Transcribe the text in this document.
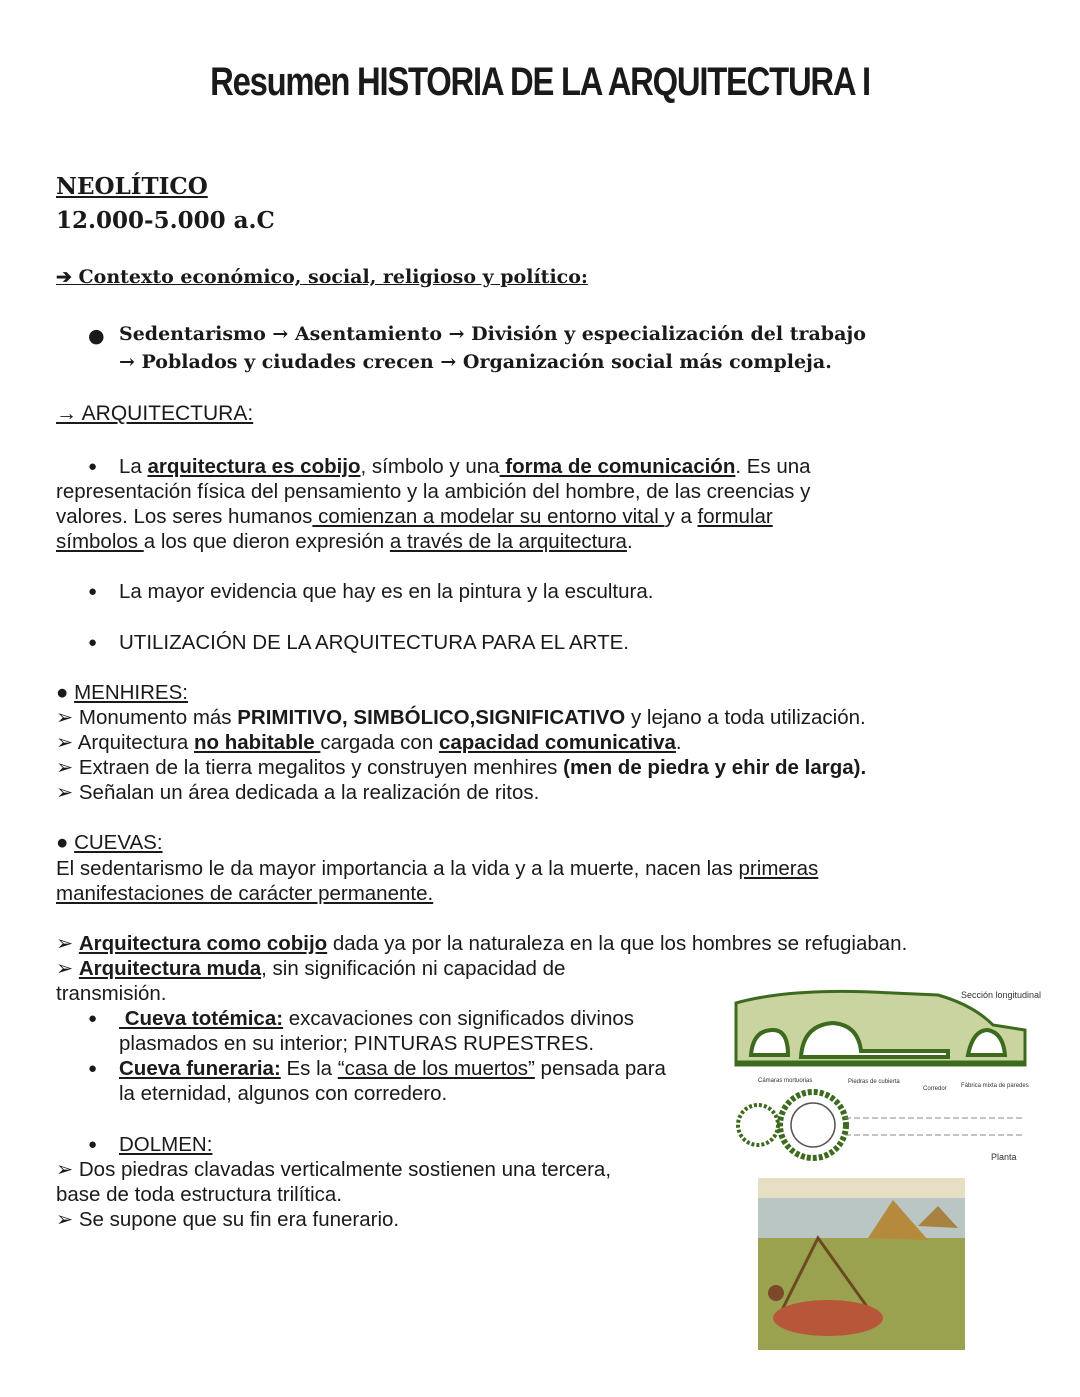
Resumen HISTORIA DE LA ARQUITECTURA I
NEOLÍTICO
12.000-5.000 a.C
➔ Contexto económico, social, religioso y político:
● Sedentarismo → Asentamiento → División y especialización del trabajo
→ Poblados y ciudades crecen → Organización social más compleja.
→ ARQUITECTURA:
● La arquitectura es cobijo, símbolo y una forma de comunicación. Es una
representación física del pensamiento y la ambición del hombre, de las creencias y
valores. Los seres humanos comienzan a modelar su entorno vital y a formular
símbolos a los que dieron expresión a través de la arquitectura.
● La mayor evidencia que hay es en la pintura y la escultura.
● UTILIZACIÓN DE LA ARQUITECTURA PARA EL ARTE.
● MENHIRES:
➢ Monumento más PRIMITIVO, SIMBÓLICO,SIGNIFICATIVO y lejano a toda utilización.
➢ Arquitectura no habitable cargada con capacidad comunicativa.
➢ Extraen de la tierra megalitos y construyen menhires (men de piedra y ehir de larga).
➢ Señalan un área dedicada a la realización de ritos.
● CUEVAS:
El sedentarismo le da mayor importancia a la vida y a la muerte, nacen las primeras
manifestaciones de carácter permanente.
➢ Arquitectura como cobijo dada ya por la naturaleza en la que los hombres se refugiaban.
➢ Arquitectura muda, sin significación ni capacidad de
transmisión.
● Cueva totémica: excavaciones con significados divinos
plasmados en su interior; PINTURAS RUPESTRES.
● Cueva funeraria: Es la “casa de los muertos” pensada para
la eternidad, algunos con corredero.
● DOLMEN:
➢ Dos piedras clavadas verticalmente sostienen una tercera,
base de toda estructura trilítica.
➢ Se supone que su fin era funerario.
Sección longitudinal
Cámaras mortuorias	Piedras de cubierta
Corredor Fábrica mixta de paredes
Planta
